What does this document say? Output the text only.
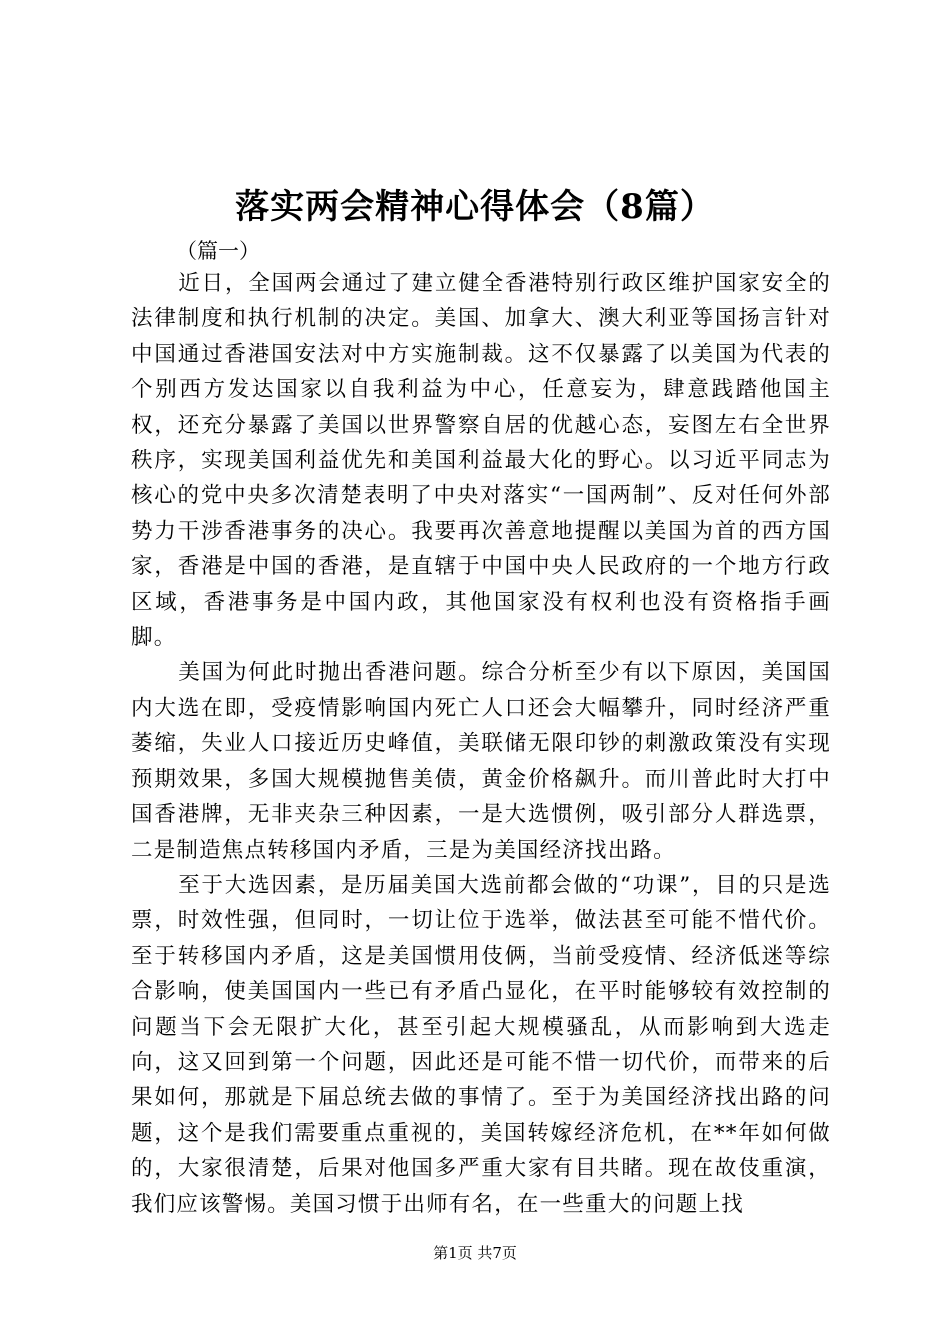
落实两会精神心得体会（8篇）
（篇一）

近日，全国两会通过了建立健全香港特别行政区维护国家安全的法律制度和执行机制的决定。美国、加拿大、澳大利亚等国扬言针对中国通过香港国安法对中方实施制裁。这不仅暴露了以美国为代表的个别西方发达国家以自我利益为中心，任意妄为，肆意践踏他国主权，还充分暴露了美国以世界警察自居的优越心态，妄图左右全世界秩序，实现美国利益优先和美国利益最大化的野心。以习近平同志为核心的党中央多次清楚表明了中央对落实“一国两制”、反对任何外部势力干涉香港事务的决心。我要再次善意地提醒以美国为首的西方国家，香港是中国的香港，是直辖于中国中央人民政府的一个地方行政区域，香港事务是中国内政，其他国家没有权利也没有资格指手画脚。

美国为何此时抛出香港问题。综合分析至少有以下原因，美国国内大选在即，受疫情影响国内死亡人口还会大幅攀升，同时经济严重萎缩，失业人口接近历史峰值，美联储无限印钞的刺激政策没有实现预期效果，多国大规模抛售美债，黄金价格飙升。而川普此时大打中国香港牌，无非夹杂三种因素，一是大选惯例，吸引部分人群选票，二是制造焦点转移国内矛盾，三是为美国经济找出路。

至于大选因素，是历届美国大选前都会做的“功课”，目的只是选票，时效性强，但同时，一切让位于选举，做法甚至可能不惜代价。至于转移国内矛盾，这是美国惯用伎俩，当前受疫情、经济低迷等综合影响，使美国国内一些已有矛盾凸显化，在平时能够较有效控制的问题当下会无限扩大化，甚至引起大规模骚乱，从而影响到大选走向，这又回到第一个问题，因此还是可能不惜一切代价，而带来的后果如何，那就是下届总统去做的事情了。至于为美国经济找出路的问题，这个是我们需要重点重视的，美国转嫁经济危机，在**年如何做的，大家很清楚，后果对他国多严重大家有目共睹。现在故伎重演，我们应该警惕。美国习惯于出师有名，在一些重大的问题上找

第1页 共7页
